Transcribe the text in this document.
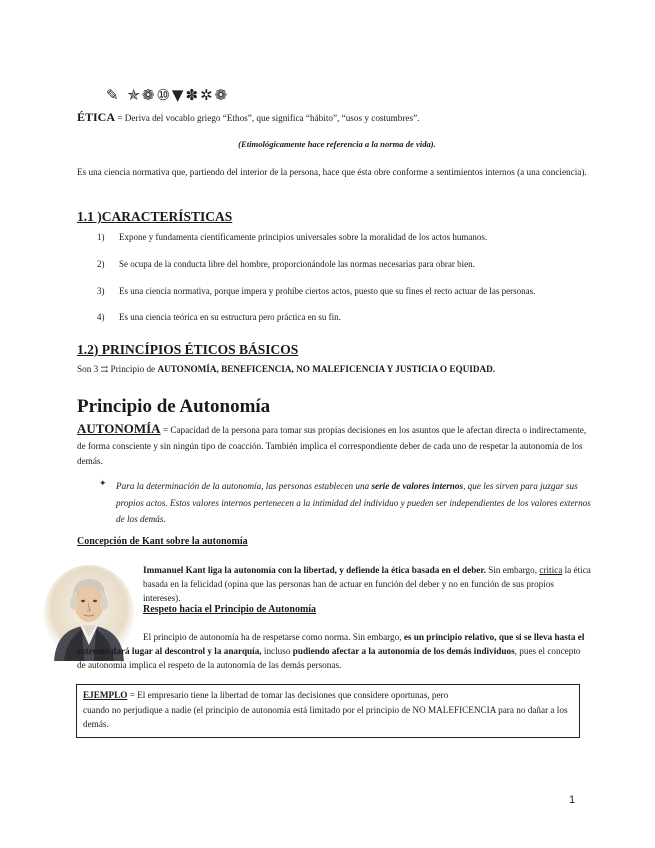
✎ ✯❁⑩▼✽✲❁
ÉTICA = Deriva del vocablo griego “Ethos”, que significa “hábito”, “usos y costumbres”.
(Etimológicamente hace referencia a la norma de vida).
Es una ciencia normativa que, partiendo del interior de la persona, hace que ésta obre conforme a sentimientos internos (a una conciencia).
1.1 )CARACTERÍSTICAS
1) Expone y fundamenta científicamente principios universales sobre la moralidad de los actos humanos.
2) Se ocupa de la conducta libre del hombre, proporcionándole las normas necesarias para obrar bien.
3) Es una ciencia normativa, porque impera y prohíbe ciertos actos, puesto que su fines el recto actuar de las personas.
4) Es una ciencia teórica en su estructura pero práctica en su fin.
1.2) PRINCÍPIOS ÉTICOS BÁSICOS
Son 3 ⇉ Principio de AUTONOMÍA, BENEFICENCIA, NO MALEFICENCIA Y JUSTICIA O EQUIDAD.
Principio de Autonomía
AUTONOMÍA = Capacidad de la persona para tomar sus propias decisiones en los asuntos que le afectan directa o indirectamente, de forma consciente y sin ningún tipo de coacción. También implica el correspondiente deber de cada uno de respetar la autonomía de los demás.
✦ Para la determinación de la autonomía, las personas establecen una serie de valores internos, que les sirven para juzgar sus propios actos. Estos valores internos pertenecen a la intimidad del individuo y pueden ser independientes de los valores externos de los demás.
Concepción de Kant sobre la autonomía
Immanuel Kant liga la autonomía con la libertad, y defiende la ética basada en el deber. Sin embargo, critica la ética basada en la felicidad (opina que las personas han de actuar en función del deber y no en función de sus propios intereses).
Respeto hacia el Principio de Autonomía
El principio de autonomía ha de respetarse como norma. Sin embargo, es un principio relativo, que si se lleva hasta el extremo dará lugar al descontrol y la anarquía, incluso pudiendo afectar a la autonomía de los demás individuos, pues el concepto de autonomía implica el respeto de la autonomía de las demás personas.
EJEMPLO = El empresario tiene la libertad de tomar las decisiones que considere oportunas, pero
cuando no perjudique a nadie (el principio de autonomía está limitado por el principio de NO MALEFICENCIA para no dañar a los demás.
1
